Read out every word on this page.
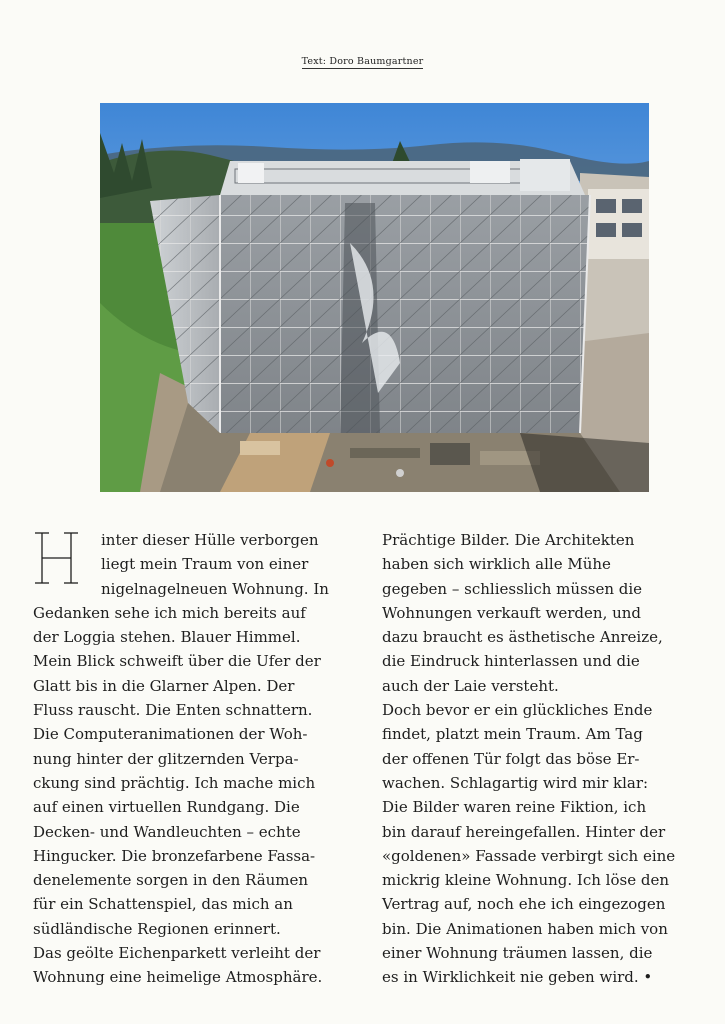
Text: Doro Baumgartner
inter dieser Hülle verborgen
liegt mein Traum von einer
nigelnagelneuen Wohnung. In
Gedanken sehe ich mich bereits auf
der Loggia stehen. Blauer Himmel.
Mein Blick schweift über die Ufer der
Glatt bis in die Glarner Alpen. Der
Fluss rauscht. Die Enten schnattern.
Die Computeranimationen der Woh-
nung hinter der glitzernden Verpa-
ckung sind prächtig. Ich mache mich
auf einen virtuellen Rundgang. Die
Decken- und Wandleuchten – echte
Hingucker. Die bronzefarbene Fassa-
denelemente sorgen in den Räumen
für ein Schattenspiel, das mich an
südländische Regionen erinnert.
Das geölte Eichenparkett verleiht der
Wohnung eine heimelige Atmosphäre.
Prächtige Bilder. Die Architekten
haben sich wirklich alle Mühe
gegeben – schliesslich müssen die
Wohnungen verkauft werden, und
dazu braucht es ästhetische Anreize,
die Eindruck hinterlassen und die
auch der Laie versteht.
Doch bevor er ein glückliches Ende
findet, platzt mein Traum. Am Tag
der offenen Tür folgt das böse Er-
wachen. Schlagartig wird mir klar:
Die Bilder waren reine Fiktion, ich
bin darauf hereingefallen. Hinter der
«goldenen» Fassade verbirgt sich eine
mickrig kleine Wohnung. Ich löse den
Vertrag auf, noch ehe ich eingezogen
bin. Die Animationen haben mich von
einer Wohnung träumen lassen, die
es in Wirklichkeit nie geben wird. •
